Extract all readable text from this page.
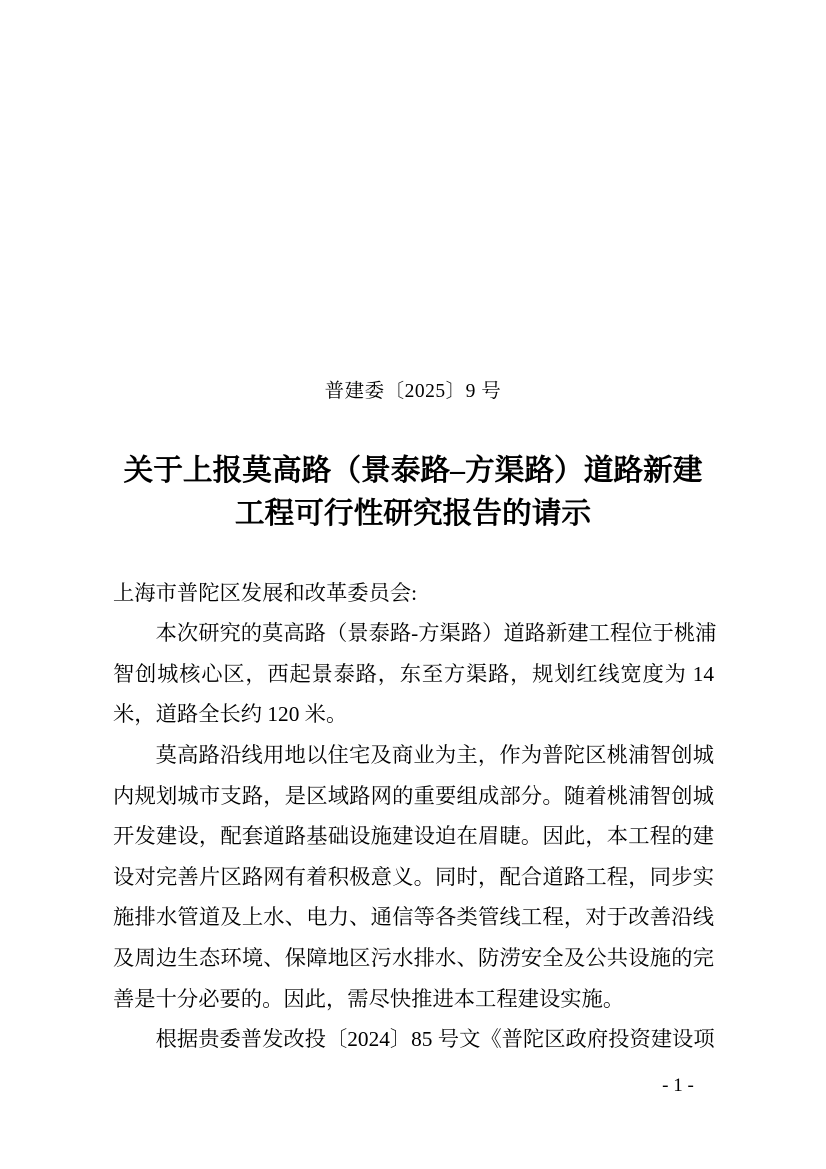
普建委〔2025〕9 号
关于上报莫高路（景泰路–方渠路）道路新建
工程可行性研究报告的请示
上海市普陀区发展和改革委员会:
本次研究的莫高路（景泰路-方渠路）道路新建工程位于桃浦
智创城核心区，西起景泰路，东至方渠路，规划红线宽度为 14
米，道路全长约 120 米。
莫高路沿线用地以住宅及商业为主，作为普陀区桃浦智创城
内规划城市支路，是区域路网的重要组成部分。随着桃浦智创城
开发建设，配套道路基础设施建设迫在眉睫。因此，本工程的建
设对完善片区路网有着积极意义。同时，配合道路工程，同步实
施排水管道及上水、电力、通信等各类管线工程，对于改善沿线
及周边生态环境、保障地区污水排水、防涝安全及公共设施的完
善是十分必要的。因此，需尽快推进本工程建设实施。
根据贵委普发改投〔2024〕85 号文《普陀区政府投资建设项
- 1 -
